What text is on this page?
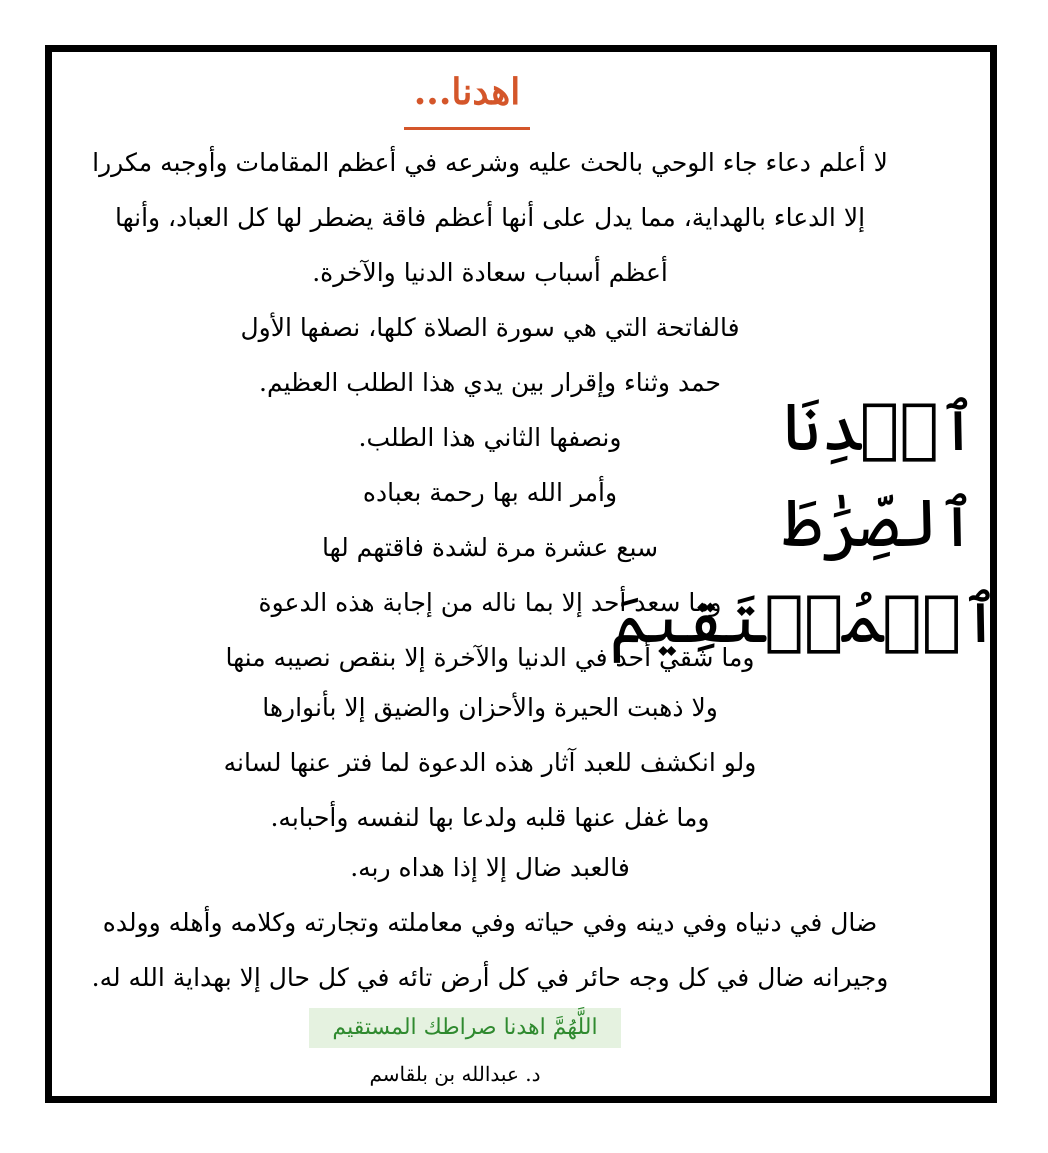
اهدنا...
لا أعلم دعاء جاء الوحي بالحث عليه وشرعه في أعظم المقامات وأوجبه مكررا
إلا الدعاء بالهداية، مما يدل على أنها أعظم فاقة يضطر لها كل العباد، وأنها
أعظم أسباب سعادة الدنيا والآخرة.
فالفاتحة التي هي سورة الصلاة كلها، نصفها الأول
حمد وثناء وإقرار بين يدي هذا الطلب العظيم.
ونصفها الثاني هذا الطلب.
وأمر الله بها رحمة بعباده
سبع عشرة مرة لشدة فاقتهم لها
وما سعد أحد إلا بما ناله من إجابة هذه الدعوة
وما شقي أحد في الدنيا والآخرة إلا بنقص نصيبه منها
ولا ذهبت الحيرة والأحزان والضيق إلا بأنوارها
ولو انكشف للعبد آثار هذه الدعوة لما فتر عنها لسانه
وما غفل عنها قلبه ولدعا بها لنفسه وأحبابه.
فالعبد ضال إلا إذا هداه ربه.
ضال في دنياه وفي دينه وفي حياته وفي معاملته وتجارته وكلامه وأهله وولده
وجيرانه ضال في كل وجه حائر في كل أرض تائه في كل حال إلا بهداية الله له.
ٱهۡدِنَا
ٱلصِّرَٰطَ
ٱلۡمُسۡتَقِيمَ
اللَّهُمَّ اهدنا صراطك المستقيم
د. عبدالله بن بلقاسم
